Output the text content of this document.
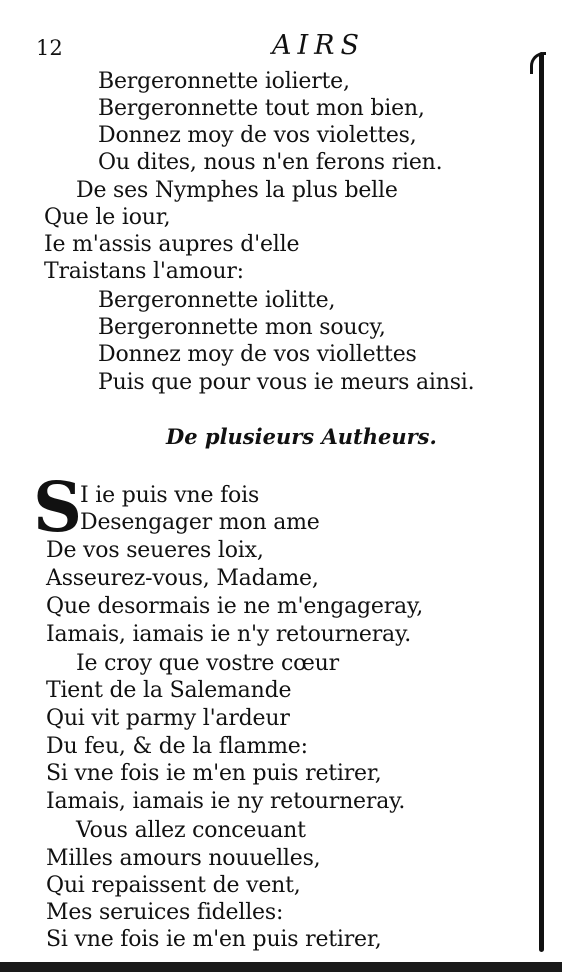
12	AIRS
Bergeronnette iolierte,
Bergeronnette tout mon bien,
Donnez moy de vos violettes,
Ou dites, nous n'en ferons rien.
De ses Nymphes la plus belle
Que le iour,
Ie m'assis aupres d'elle
Traistans l'amour:
Bergeronnette iolitte,
Bergeronnette mon soucy,
Donnez moy de vos viollettes
Puis que pour vous ie meurs ainsi.
De plusieurs Autheurs.
S
I ie puis vne fois
Desengager mon ame
De vos seueres loix,
Asseurez-vous, Madame,
Que desormais ie ne m'engageray,
Iamais, iamais ie n'y retourneray.
Ie croy que vostre cœur
Tient de la Salemande
Qui vit parmy l'ardeur
Du feu, & de la flamme:
Si vne fois ie m'en puis retirer,
Iamais, iamais ie ny retourneray.
Vous allez conceuant
Milles amours nouuelles,
Qui repaissent de vent,
Mes seruices fidelles:
Si vne fois ie m'en puis retirer,
